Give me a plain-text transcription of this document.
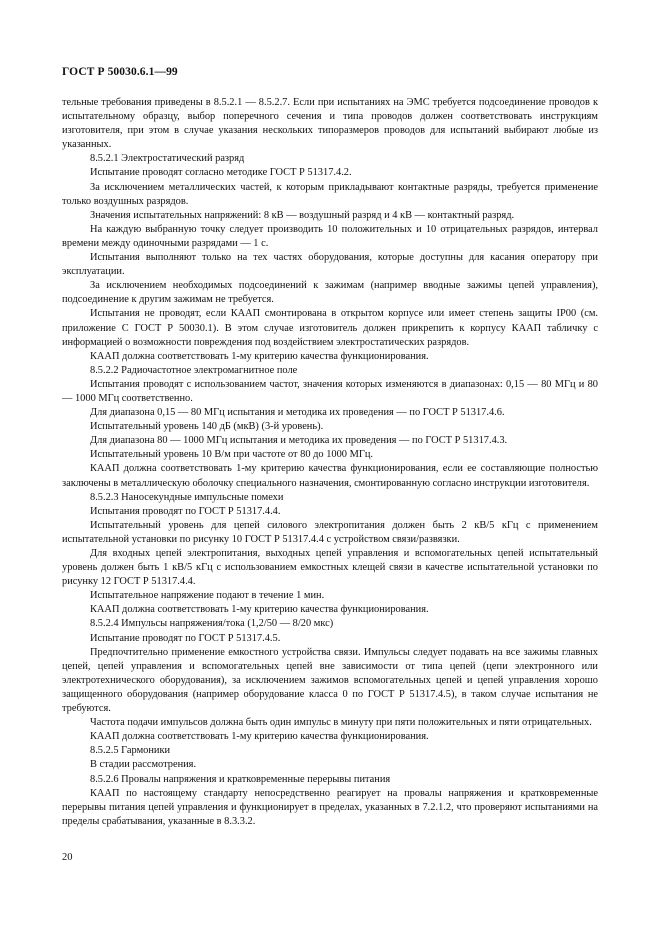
ГОСТ Р 50030.6.1—99

тельные требования приведены в 8.5.2.1 — 8.5.2.7. Если при испытаниях на ЭМС требуется подсоединение проводов к испытательному образцу, выбор поперечного сечения и типа проводов должен соответствовать инструкциям изготовителя, при этом в случае указания нескольких типоразмеров проводов для испытаний выбирают любые из указанных.

8.5.2.1 Электростатический разряд

Испытание проводят согласно методике ГОСТ Р 51317.4.2.

За исключением металлических частей, к которым прикладывают контактные разряды, требуется применение только воздушных разрядов.

Значения испытательных напряжений: 8 кВ — воздушный разряд и 4 кВ — контактный разряд.

На каждую выбранную точку следует производить 10 положительных и 10 отрицательных разрядов, интервал времени между одиночными разрядами — 1 с.

Испытания выполняют только на тех частях оборудования, которые доступны для касания оператору при эксплуатации.

За исключением необходимых подсоединений к зажимам (например вводные зажимы цепей управления), подсоединение к другим зажимам не требуется.

Испытания не проводят, если КААП смонтирована в открытом корпусе или имеет степень защиты IP00 (см. приложение С ГОСТ Р 50030.1). В этом случае изготовитель должен прикрепить к корпусу КААП табличку с информацией о возможности повреждения под воздействием электростатических разрядов.

КААП должна соответствовать 1-му критерию качества функционирования.

8.5.2.2 Радиочастотное электромагнитное поле

Испытания проводят с использованием частот, значения которых изменяются в диапазонах: 0,15 — 80 МГц и 80 — 1000 МГц соответственно.

Для диапазона 0,15 — 80 МГц испытания и методика их проведения — по ГОСТ Р 51317.4.6.

Испытательный уровень 140 дБ (мкВ) (3-й уровень).

Для диапазона 80 — 1000 МГц испытания и методика их проведения — по ГОСТ Р 51317.4.3.

Испытательный уровень 10 В/м при частоте от 80 до 1000 МГц.

КААП должна соответствовать 1-му критерию качества функционирования, если ее составляющие полностью заключены в металлическую оболочку специального назначения, смонтированную согласно инструкции изготовителя.

8.5.2.3 Наносекундные импульсные помехи

Испытания проводят по ГОСТ Р 51317.4.4.

Испытательный уровень для цепей силового электропитания должен быть 2 кВ/5 кГц с применением испытательной установки по рисунку 10 ГОСТ Р 51317.4.4 с устройством связи/развязки.

Для входных цепей электропитания, выходных цепей управления и вспомогательных цепей испытательный уровень должен быть 1 кВ/5 кГц с использованием емкостных клещей связи в качестве испытательной установки по рисунку 12 ГОСТ Р 51317.4.4.

Испытательное напряжение подают в течение 1 мин.

КААП должна соответствовать 1-му критерию качества функционирования.

8.5.2.4 Импульсы напряжения/тока (1,2/50 — 8/20 мкс)

Испытание проводят по ГОСТ Р 51317.4.5.

Предпочтительно применение емкостного устройства связи. Импульсы следует подавать на все зажимы главных цепей, цепей управления и вспомогательных цепей вне зависимости от типа цепей (цепи электронного или электротехнического оборудования), за исключением зажимов вспомогательных цепей и цепей управления хорошо защищенного оборудования (например оборудование класса 0 по ГОСТ Р 51317.4.5), в таком случае испытания не требуются.

Частота подачи импульсов должна быть один импульс в минуту при пяти положительных и пяти отрицательных.

КААП должна соответствовать 1-му критерию качества функционирования.

8.5.2.5 Гармоники

В стадии рассмотрения.

8.5.2.6 Провалы напряжения и кратковременные перерывы питания

КААП по настоящему стандарту непосредственно реагирует на провалы напряжения и кратковременные перерывы питания цепей управления и функционирует в пределах, указанных в 7.2.1.2, что проверяют испытаниями на пределы срабатывания, указанные в 8.3.3.2.

20
